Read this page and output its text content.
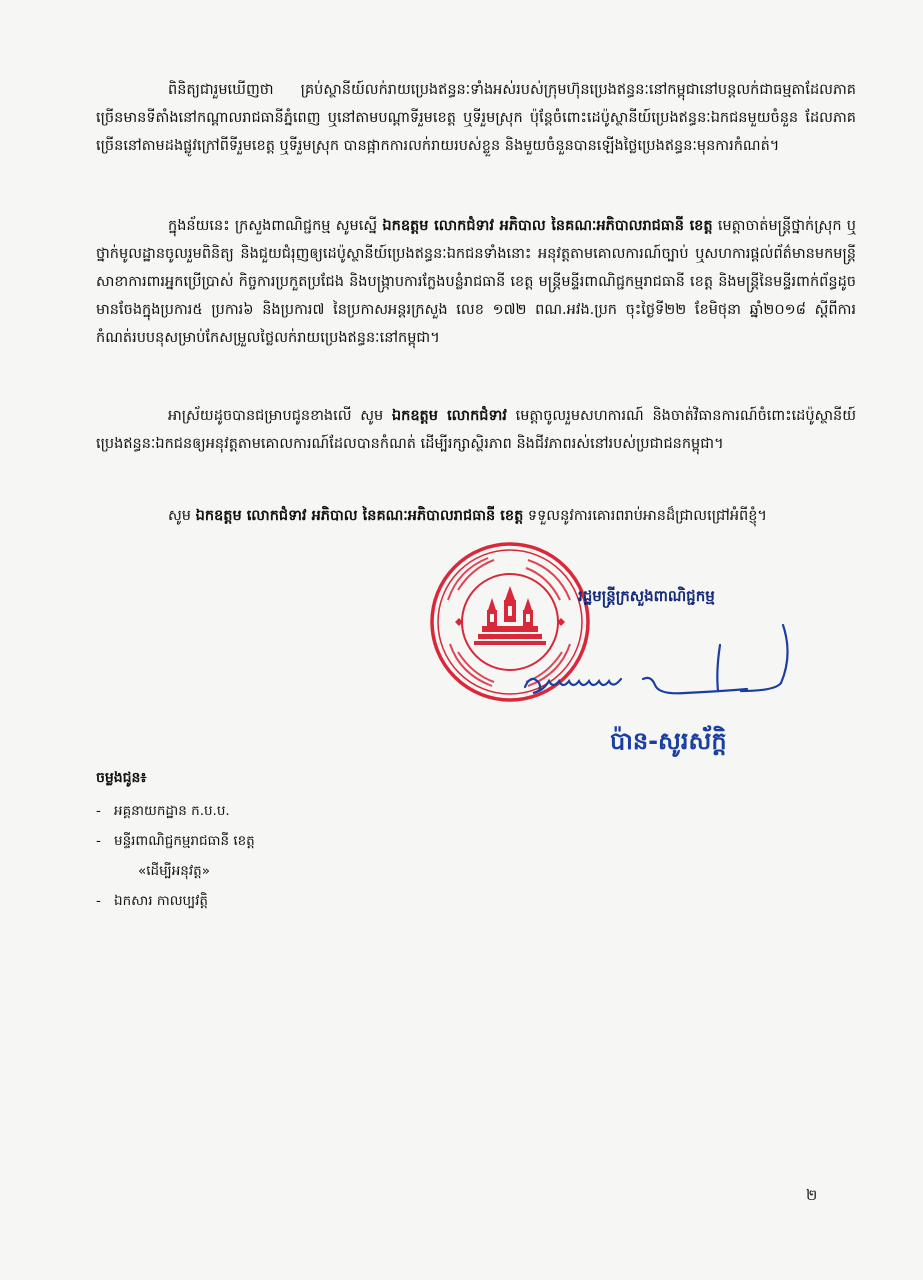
ពិនិត្យជារួមឃើញថា គ្រប់ស្ថានីយ៍លក់រាយប្រេងឥន្ធនៈទាំងអស់របស់ក្រុមហ៊ុនប្រេងឥន្ធនៈនៅកម្ពុជានៅបន្តលក់ជាធម្មតាដែលភាគច្រើនមានទីតាំងនៅកណ្ដាលរាជធានីភ្នំពេញ ឬនៅតាមបណ្ដាទីរួមខេត្ត ឬទីរួមស្រុក ប៉ុន្តែចំពោះដេប៉ូស្ថានីយ៍ប្រេងឥន្ធនៈឯកជនមួយចំនួន ដែលភាគច្រើននៅតាមដងផ្លូវក្រៅពីទីរួមខេត្ត ឬទីរួមស្រុក បានផ្អាកការលក់រាយរបស់ខ្លួន និងមួយចំនួនបានឡើងថ្លៃប្រេងឥន្ធនៈមុនការកំណត់។
ក្នុងន័យនេះ ក្រសួងពាណិជ្ជកម្ម សូមស្នើ ឯកឧត្តម លោកជំទាវ អភិបាល នៃគណៈអភិបាលរាជធានី ខេត្ត មេត្តាចាត់មន្ត្រីថ្នាក់ស្រុក ឬថ្នាក់មូលដ្ឋានចូលរួមពិនិត្យ និងជួយជំរុញឲ្យដេប៉ូស្ថានីយ៍ប្រេងឥន្ធនៈឯកជនទាំងនោះ អនុវត្តតាមគោលការណ៍ច្បាប់ ឬសហការផ្ដល់ព័ត៌មានមកមន្ត្រីសាខាការពារអ្នកប្រើប្រាស់ កិច្ចការប្រកួតប្រជែង និងបង្ក្រាបការក្លែងបន្លំរាជធានី ខេត្ត មន្ត្រីមន្ទីរពាណិជ្ជកម្មរាជធានី ខេត្ត និងមន្ត្រីនៃមន្ទីរពាក់ព័ន្ធដូចមានចែងក្នុងប្រការ៥ ប្រការ៦ និងប្រការ៧ នៃប្រកាសអន្តរក្រសួង លេខ ១៧២ ពណ.អវង.ប្រក ចុះថ្ងៃទី២២ ខែមិថុនា ឆ្នាំ២០១៨ ស្ដីពីការកំណត់របបនុសម្រាប់កែសម្រួលថ្លៃលក់រាយប្រេងឥន្ធនៈនៅកម្ពុជា។
អាស្រ័យដូចបានជម្រាបជូនខាងលើ សូម ឯកឧត្តម លោកជំទាវ មេត្តាចូលរួមសហការណ៍ និងចាត់វិធានការណ៍ចំពោះដេប៉ូស្ថានីយ៍ប្រេងឥន្ធនៈឯកជនឲ្យអនុវត្តតាមគោលការណ៍ដែលបានកំណត់ ដើម្បីរក្សាស្ថិរភាព និងជីវភាពរស់នៅរបស់ប្រជាជនកម្ពុជា។
សូម ឯកឧត្តម លោកជំទាវ អភិបាល នៃគណៈអភិបាលរាជធានី ខេត្ត ទទួលនូវការគោរពរាប់អានដ៏ជ្រាលជ្រៅអំពីខ្ញុំ។
រដ្ឋមន្ត្រីក្រសួងពាណិជ្ជកម្ម
ប៉ាន-សូរស័ក្តិ
ចម្លងជូន៖
- អគ្គនាយកដ្ឋាន ក.ប.ប.
- មន្ទីរពាណិជ្ជកម្មរាជធានី ខេត្ត
«ដើម្បីអនុវត្ត»
- ឯកសារ កាលប្បវត្តិ
២
